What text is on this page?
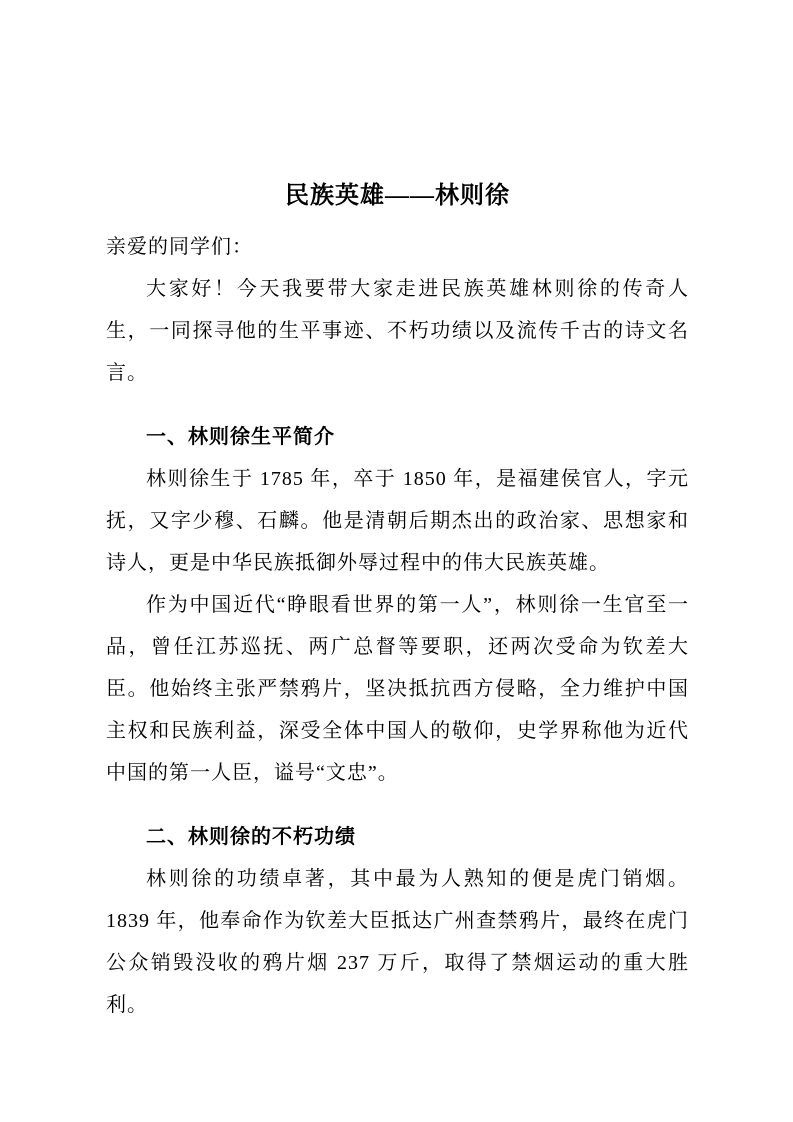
民族英雄——林则徐

亲爱的同学们：

大家好！今天我要带大家走进民族英雄林则徐的传奇人生，一同探寻他的生平事迹、不朽功绩以及流传千古的诗文名言。

一、林则徐生平简介

林则徐生于 1785 年，卒于 1850 年，是福建侯官人，字元抚，又字少穆、石麟。他是清朝后期杰出的政治家、思想家和诗人，更是中华民族抵御外辱过程中的伟大民族英雄。

作为中国近代“睁眼看世界的第一人”，林则徐一生官至一品，曾任江苏巡抚、两广总督等要职，还两次受命为钦差大臣。他始终主张严禁鸦片，坚决抵抗西方侵略，全力维护中国主权和民族利益，深受全体中国人的敬仰，史学界称他为近代中国的第一人臣，谥号“文忠”。

二、林则徐的不朽功绩

林则徐的功绩卓著，其中最为人熟知的便是虎门销烟。1839 年，他奉命作为钦差大臣抵达广州查禁鸦片，最终在虎门公众销毁没收的鸦片烟 237 万斤，取得了禁烟运动的重大胜利。
